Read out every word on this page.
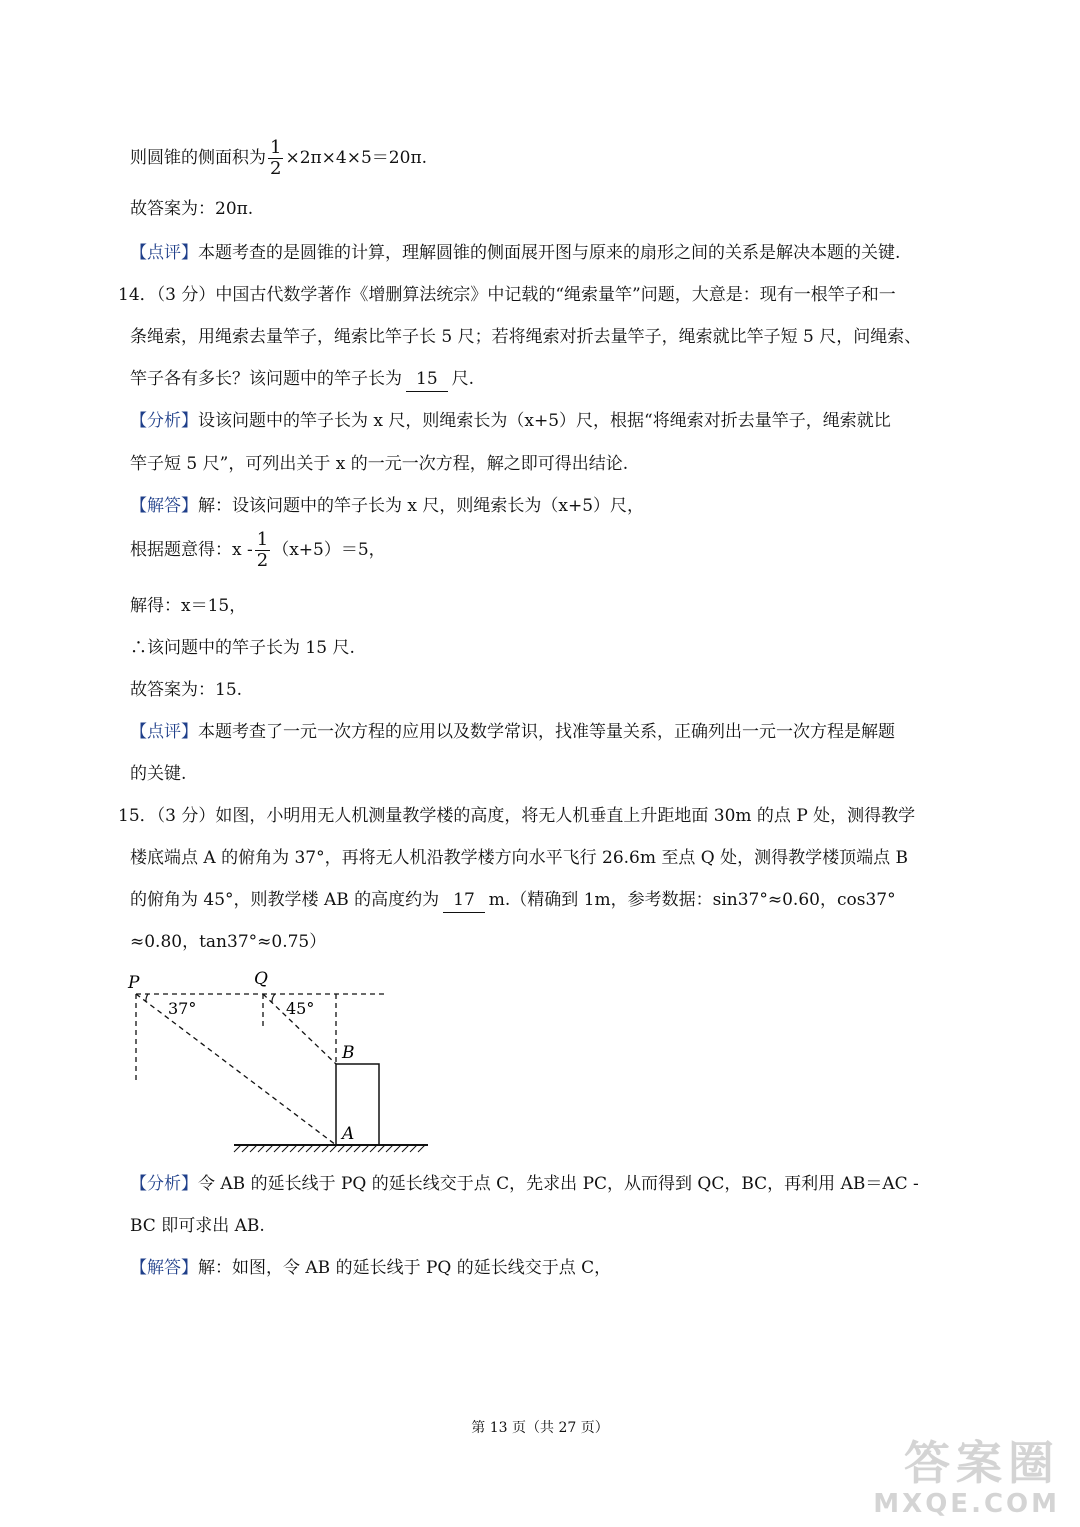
则圆锥的侧面积为 $\frac{1}{2} \times 2\pi\times 4\times 5=20\pi$.
故答案为：20π.
【点评】本题考查的是圆锥的计算，理解圆锥的侧面展开图与原来的扇形之间的关系是解决本题的关键.
14．（3 分）中国古代数学著作《增删算法统宗》中记载的“绳索量竿”问题，大意是：现有一根竿子和一
条绳索，用绳索去量竿子，绳索比竿子长 5 尺；若将绳索对折去量竿子，绳索就比竿子短 5 尺，问绳索、
竿子各有多长？该问题中的竿子长为 15 尺.
【分析】设该问题中的竿子长为 x 尺，则绳索长为（x+5）尺，根据“将绳索对折去量竿子，绳索就比
竿子短 5 尺”，可列出关于 x 的一元一次方程，解之即可得出结论.
【解答】解：设该问题中的竿子长为 x 尺，则绳索长为（x+5）尺，
根据题意得：$x - \frac{1}{2} (x+5)=5$，
解得：x＝15，
∴该问题中的竿子长为 15 尺.
故答案为：15.
【点评】本题考查了一元一次方程的应用以及数学常识，找准等量关系，正确列出一元一次方程是解题
的关键.
15．（3 分）如图，小明用无人机测量教学楼的高度，将无人机垂直上升距地面 30m 的点 P 处，测得教学
楼底端点 A 的俯角为 37°，再将无人机沿教学楼方向水平飞行 26.6m 至点 Q 处，测得教学楼顶端点 B
的俯角为 45°，则教学楼 AB 的高度约为 17 m.（精确到 1m，参考数据：sin37°≈0.60，cos37°
≈0.80，tan37°≈0.75）
P	Q
B
A
37°	45°
【分析】令 AB 的延长线于 PQ 的延长线交于点 C，先求出 PC，从而得到 QC，BC，再利用 AB＝AC -
BC 即可求出 AB.
【解答】解：如图，令 AB 的延长线于 PQ 的延长线交于点 C，
第 13 页（共 27 页）
答案圈
MXQE.COM
